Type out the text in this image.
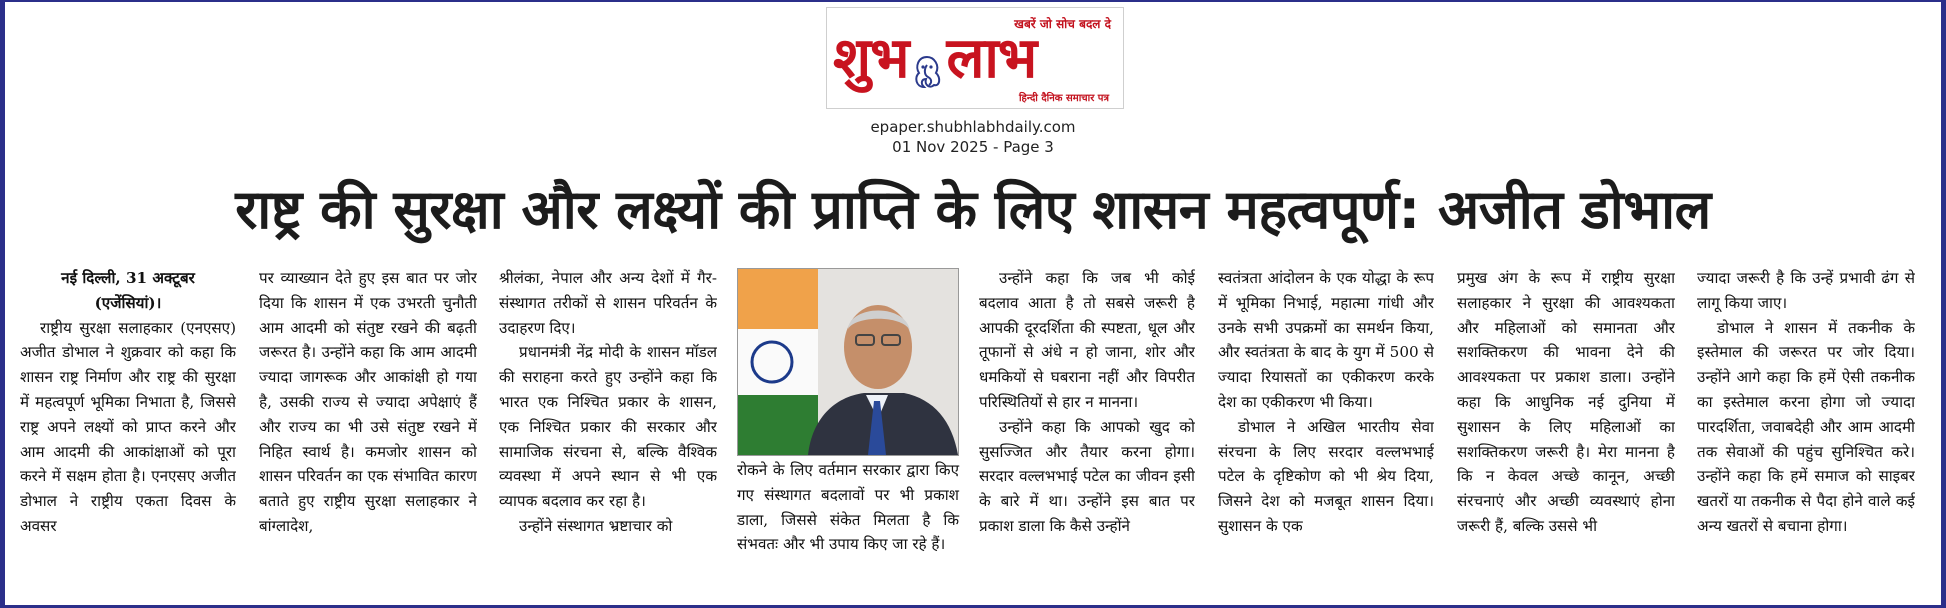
खबरें जो सोच बदल दे
शुभ लाभ
हिन्दी दैनिक समाचार पत्र
epaper.shubhlabhdaily.com
01 Nov 2025 - Page 3
राष्ट्र की सुरक्षा और लक्ष्यों की प्राप्ति के लिए शासन महत्वपूर्ण: अजीत डोभाल

नई दिल्ली, 31 अक्टूबर

(एजेंसियां)।

राष्ट्रीय सुरक्षा सलाहकार (एनएसए) अजीत डोभाल ने शुक्रवार को कहा कि शासन राष्ट्र निर्माण और राष्ट्र की सुरक्षा में महत्वपूर्ण भूमिका निभाता है, जिससे राष्ट्र अपने लक्ष्यों को प्राप्त करने और आम आदमी की आकांक्षाओं को पूरा करने में सक्षम होता है। एनएसए अजीत डोभाल ने राष्ट्रीय एकता दिवस के अवसर

पर व्याख्यान देते हुए इस बात पर जोर दिया कि शासन में एक उभरती चुनौती आम आदमी को संतुष्ट रखने की बढ़ती जरूरत है। उन्होंने कहा कि आम आदमी ज्यादा जागरूक और आकांक्षी हो गया है, उसकी राज्य से ज्यादा अपेक्षाएं हैं और राज्य का भी उसे संतुष्ट रखने में निहित स्वार्थ है। कमजोर शासन को शासन परिवर्तन का एक संभावित कारण बताते हुए राष्ट्रीय सुरक्षा सलाहकार ने बांग्लादेश,

श्रीलंका, नेपाल और अन्य देशों में गैर-संस्थागत तरीकों से शासन परिवर्तन के उदाहरण दिए।

प्रधानमंत्री नेंद्र मोदी के शासन मॉडल की सराहना करते हुए उन्होंने कहा कि भारत एक निश्चित प्रकार के शासन, एक निश्चित प्रकार की सरकार और सामाजिक संरचना से, बल्कि वैश्विक व्यवस्था में अपने स्थान से भी एक व्यापक बदलाव कर रहा है।

उन्होंने संस्थागत भ्रष्टाचार को

रोकने के लिए वर्तमान सरकार द्वारा किए गए संस्थागत बदलावों पर भी प्रकाश डाला, जिससे संकेत मिलता है कि संभवतः और भी उपाय किए जा रहे हैं।

उन्होंने कहा कि जब भी कोई बदलाव आता है तो सबसे जरूरी है आपकी दूरदर्शिता की स्पष्टता, धूल और तूफानों से अंधे न हो जाना, शोर और धमकियों से घबराना नहीं और विपरीत परिस्थितियों से हार न मानना।

उन्होंने कहा कि आपको खुद को सुसज्जित और तैयार करना होगा। सरदार वल्लभभाई पटेल का जीवन इसी के बारे में था। उन्होंने इस बात पर प्रकाश डाला कि कैसे उन्होंने

स्वतंत्रता आंदोलन के एक योद्धा के रूप में भूमिका निभाई, महात्मा गांधी और उनके सभी उपक्रमों का समर्थन किया, और स्वतंत्रता के बाद के युग में 500 से ज्यादा रियासतों का एकीकरण करके देश का एकीकरण भी किया।

डोभाल ने अखिल भारतीय सेवा संरचना के लिए सरदार वल्लभभाई पटेल के दृष्टिकोण को भी श्रेय दिया, जिसने देश को मजबूत शासन दिया। सुशासन के एक

प्रमुख अंग के रूप में राष्ट्रीय सुरक्षा सलाहकार ने सुरक्षा की आवश्यकता और महिलाओं को समानता और सशक्तिकरण की भावना देने की आवश्यकता पर प्रकाश डाला। उन्होंने कहा कि आधुनिक नई दुनिया में सुशासन के लिए महिलाओं का सशक्तिकरण जरूरी है। मेरा मानना है कि न केवल अच्छे कानून, अच्छी संरचनाएं और अच्छी व्यवस्थाएं होना जरूरी हैं, बल्कि उससे भी

ज्यादा जरूरी है कि उन्हें प्रभावी ढंग से लागू किया जाए।

डोभाल ने शासन में तकनीक के इस्तेमाल की जरूरत पर जोर दिया। उन्होंने आगे कहा कि हमें ऐसी तकनीक का इस्तेमाल करना होगा जो ज्यादा पारदर्शिता, जवाबदेही और आम आदमी तक सेवाओं की पहुंच सुनिश्चित करे। उन्होंने कहा कि हमें समाज को साइबर खतरों या तकनीक से पैदा होने वाले कई अन्य खतरों से बचाना होगा।
